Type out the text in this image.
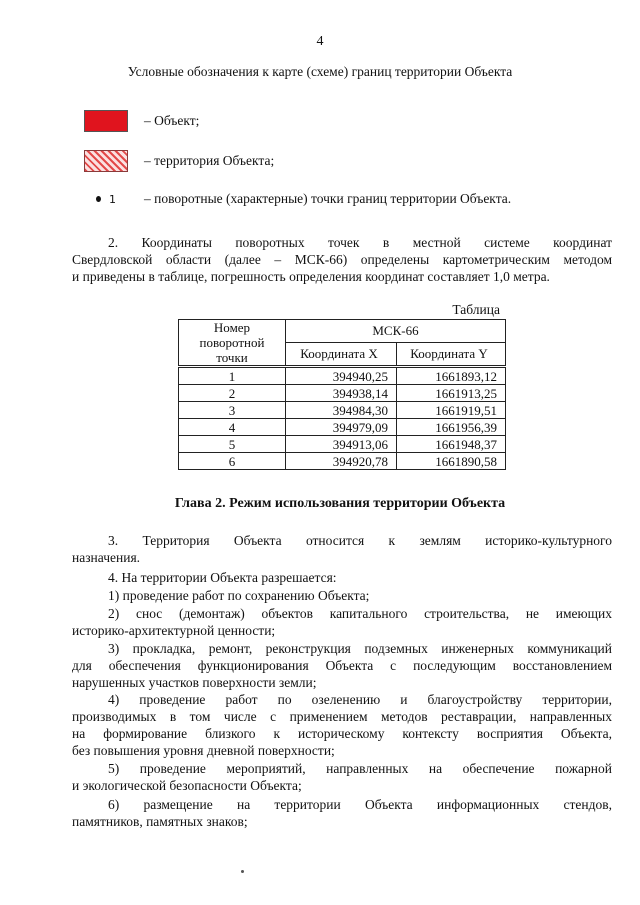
4
Условные обозначения к карте (схеме) границ территории Объекта
– Объект;
– территория Объекта;
1 – поворотные (характерные) точки границ территории Объекта.
2. Координаты поворотных точек в местной системе координат
Свердловской области (далее – МСК-66) определены картометрическим методом
и приведены в таблице, погрешность определения координат составляет 1,0 метра.
Таблица
Номер поворотной точки	МСК-66	
	Координата X	Координата Y
1	394940,25	1661893,12
2	394938,14	1661913,25
3	394984,30	1661919,51
4	394979,09	1661956,39
5	394913,06	1661948,37
6	394920,78	1661890,58
Глава 2. Режим использования территории Объекта
3. Территория Объекта относится к землям историко-культурного
назначения.
4. На территории Объекта разрешается:
1) проведение работ по сохранению Объекта;
2) снос (демонтаж) объектов капитального строительства, не имеющих
историко-архитектурной ценности;
3) прокладка, ремонт, реконструкция подземных инженерных коммуникаций
для обеспечения функционирования Объекта с последующим восстановлением
нарушенных участков поверхности земли;
4) проведение работ по озеленению и благоустройству территории,
производимых в том числе с применением методов реставрации, направленных
на формирование близкого к историческому контексту восприятия Объекта,
без повышения уровня дневной поверхности;
5) проведение мероприятий, направленных на обеспечение пожарной
и экологической безопасности Объекта;
6) размещение на территории Объекта информационных стендов,
памятников, памятных знаков;
